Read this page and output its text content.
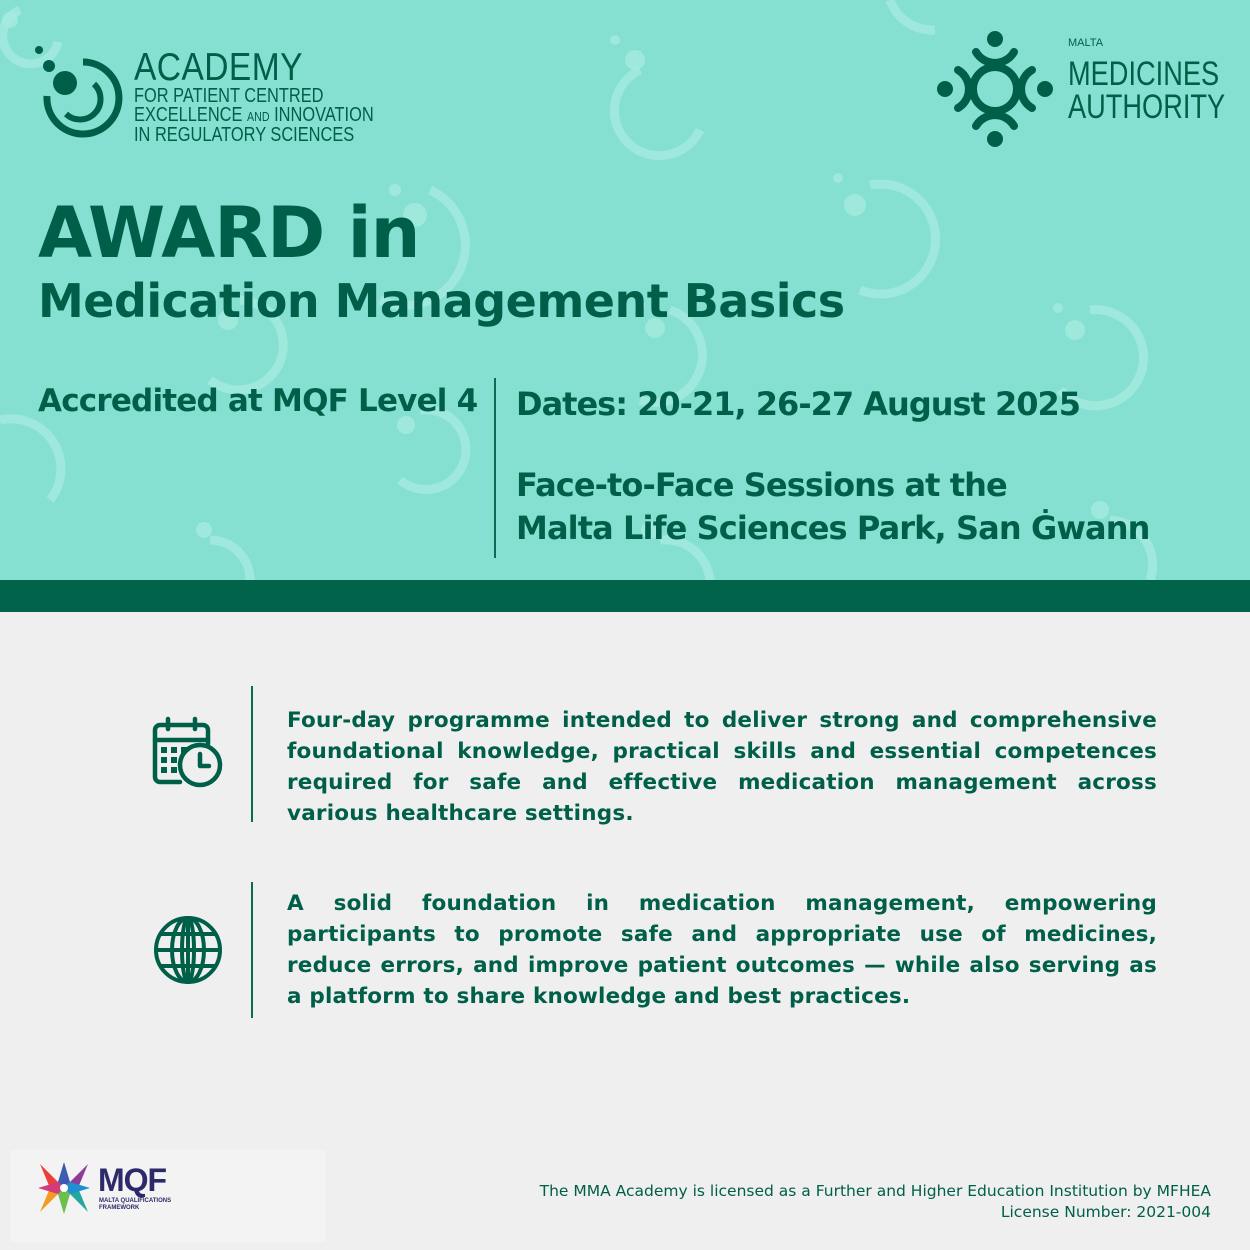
ACADEMY
FOR PATIENT CENTRED
EXCELLENCE AND INNOVATION
IN REGULATORY SCIENCES
MALTA
MEDICINES
AUTHORITY
AWARD in
Medication Management Basics
Accredited at MQF Level 4 Dates: 20-21, 26-27 August 2025
Face-to-Face Sessions at the
Malta Life Sciences Park, San Ġwann
Four-day programme intended to deliver strong and comprehensive foundational knowledge, practical skills and essential competences required for safe and effective medication management across various healthcare settings.
A solid foundation in medication management, empowering participants to promote safe and appropriate use of medicines, reduce errors, and improve patient outcomes — while also serving as a platform to share knowledge and best practices.
MQF
MALTA QUALIFICATIONS
FRAMEWORK
The MMA Academy is licensed as a Further and Higher Education Institution by MFHEA
License Number: 2021-004
